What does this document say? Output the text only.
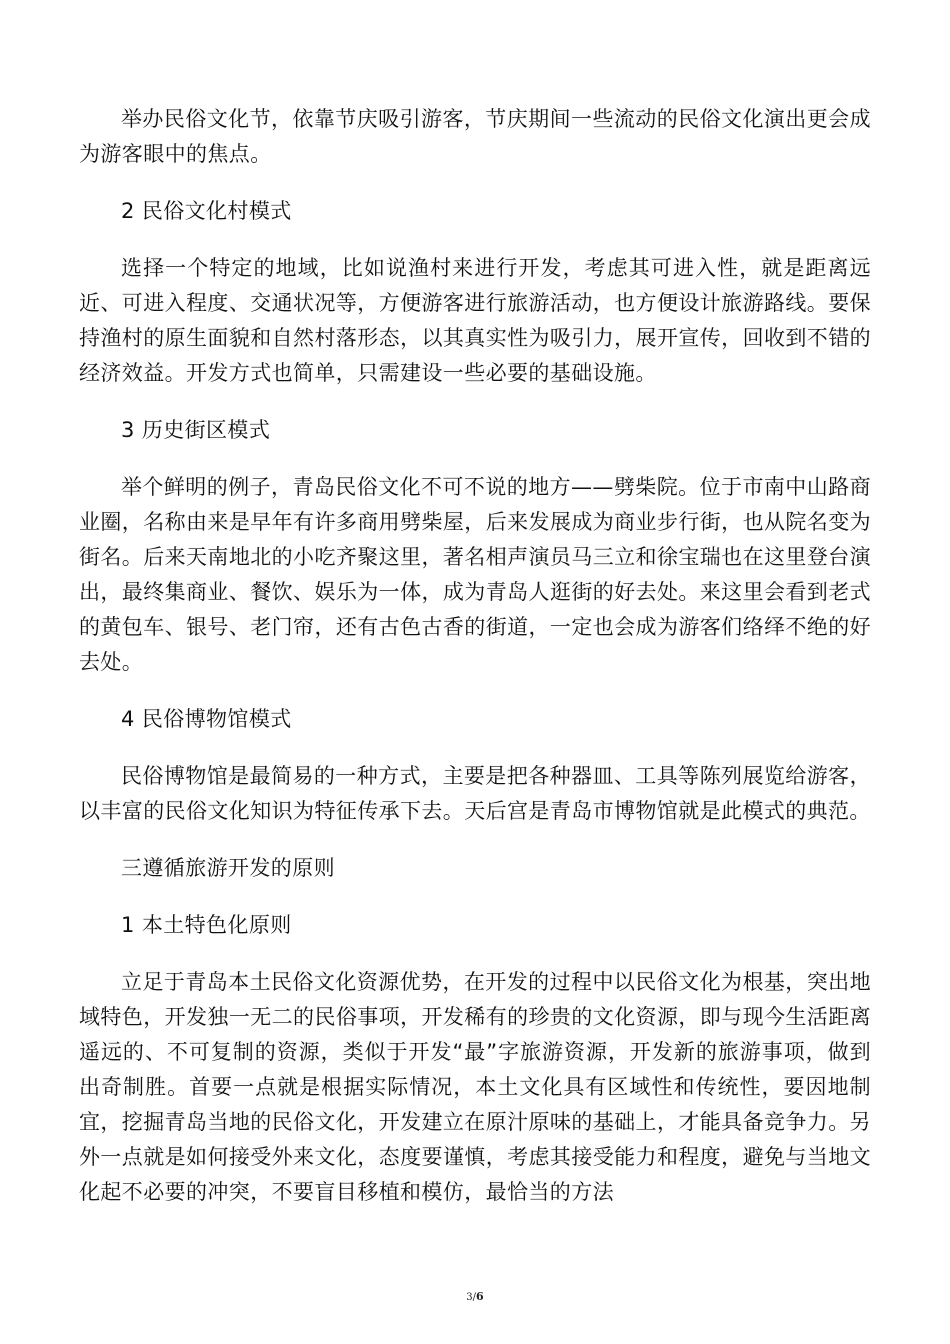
举办民俗文化节，依靠节庆吸引游客，节庆期间一些流动的民俗文化演出更会成为游客眼中的焦点。

2 民俗文化村模式

选择一个特定的地域，比如说渔村来进行开发，考虑其可进入性，就是距离远近、可进入程度、交通状况等，方便游客进行旅游活动，也方便设计旅游路线。要保持渔村的原生面貌和自然村落形态，以其真实性为吸引力，展开宣传，回收到不错的经济效益。开发方式也简单，只需建设一些必要的基础设施。

3 历史街区模式

举个鲜明的例子，青岛民俗文化不可不说的地方——劈柴院。位于市南中山路商业圈，名称由来是早年有许多商用劈柴屋，后来发展成为商业步行街，也从院名变为街名。后来天南地北的小吃齐聚这里，著名相声演员马三立和徐宝瑞也在这里登台演出，最终集商业、餐饮、娱乐为一体，成为青岛人逛街的好去处。来这里会看到老式的黄包车、银号、老门帘，还有古色古香的街道，一定也会成为游客们络绎不绝的好去处。

4 民俗博物馆模式

民俗博物馆是最简易的一种方式，主要是把各种器皿、工具等陈列展览给游客，以丰富的民俗文化知识为特征传承下去。天后宫是青岛市博物馆就是此模式的典范。

三遵循旅游开发的原则

1 本土特色化原则

立足于青岛本土民俗文化资源优势，在开发的过程中以民俗文化为根基，突出地域特色，开发独一无二的民俗事项，开发稀有的珍贵的文化资源，即与现今生活距离遥远的、不可复制的资源，类似于开发“最”字旅游资源，开发新的旅游事项，做到出奇制胜。首要一点就是根据实际情况，本土文化具有区域性和传统性，要因地制宜，挖掘青岛当地的民俗文化，开发建立在原汁原味的基础上，才能具备竞争力。另外一点就是如何接受外来文化，态度要谨慎，考虑其接受能力和程度，避免与当地文化起不必要的冲突，不要盲目移植和模仿，最恰当的方法

3/6
